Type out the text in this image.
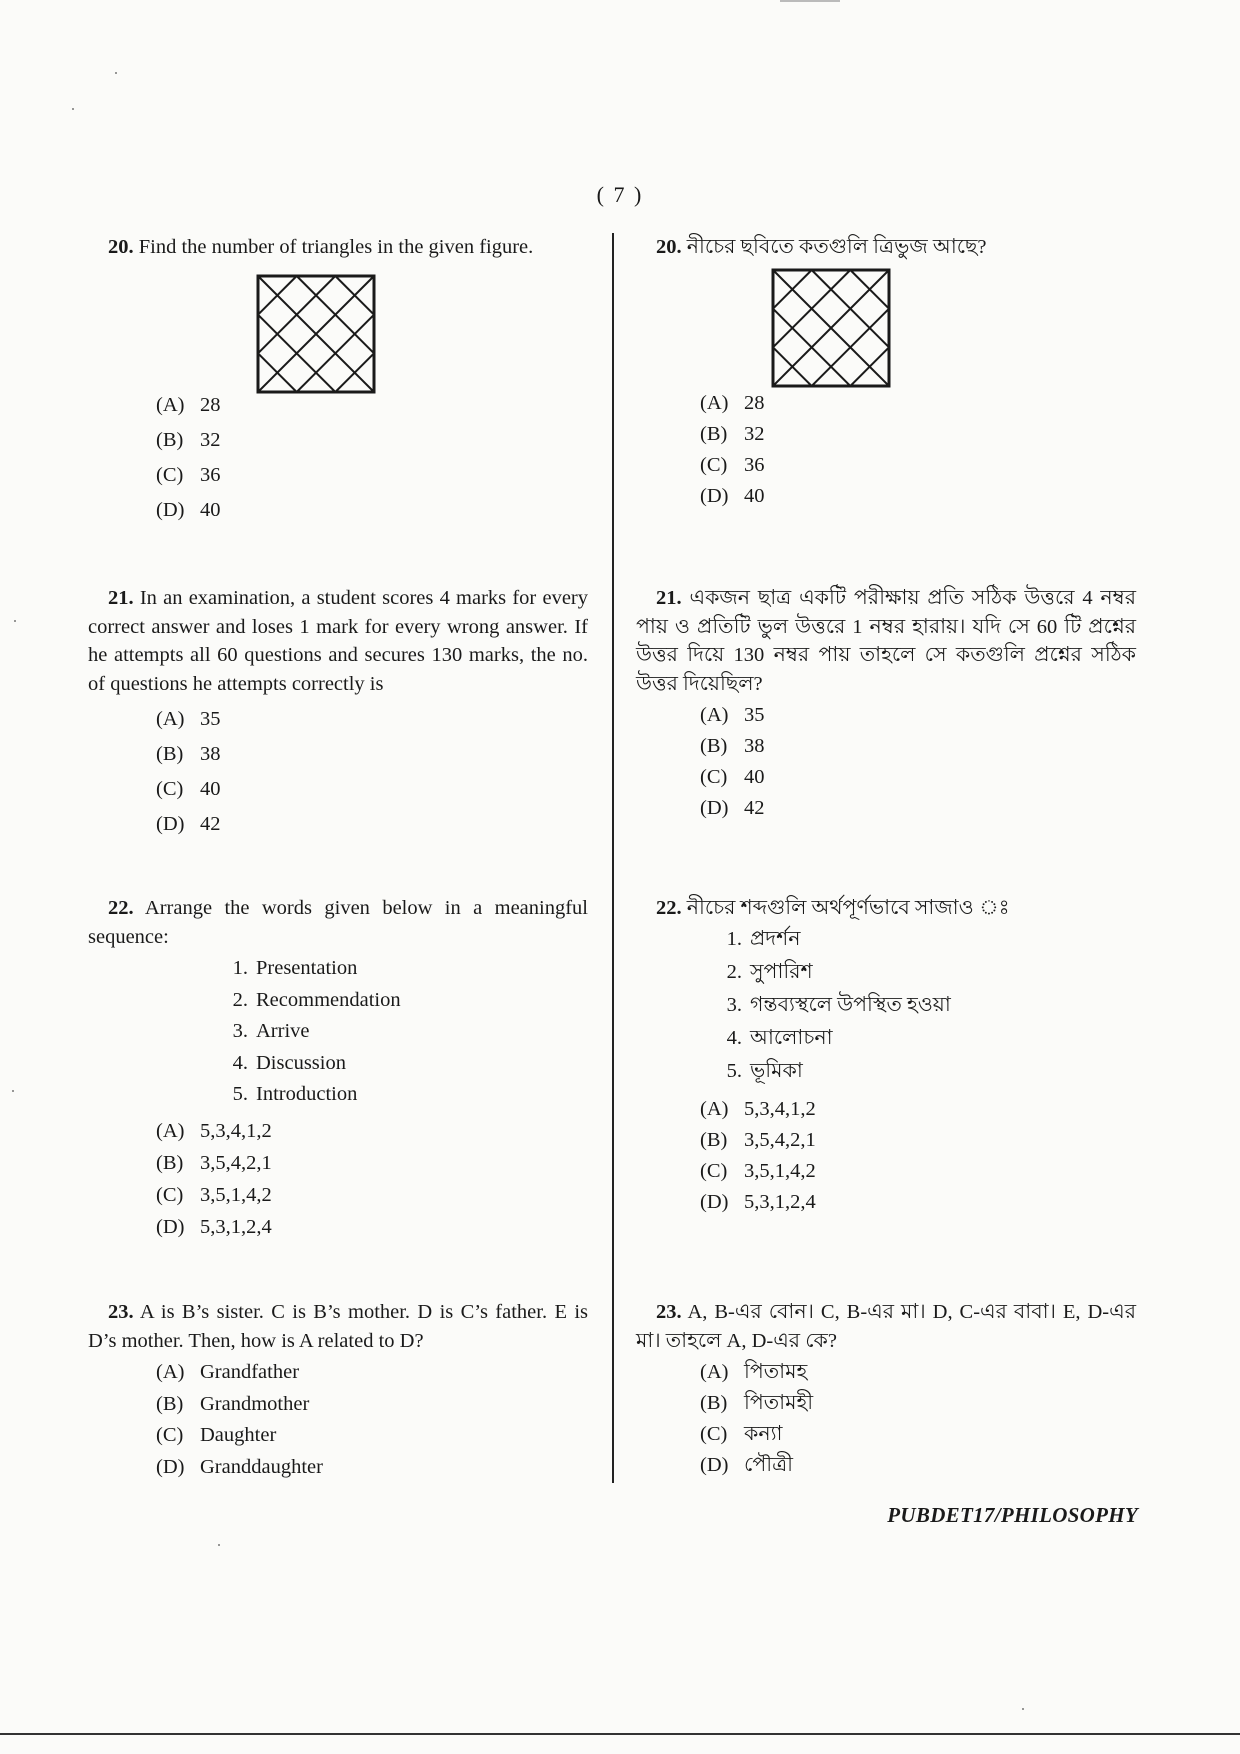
( 7 )
20. Find the number of triangles in the given figure.
(A) 28
(B) 32
(C) 36
(D) 40
21. In an examination, a student scores 4 marks for every correct answer and loses 1 mark for every wrong answer. If he attempts all 60 questions and secures 130 marks, the no. of questions he attempts correctly is
(A) 35
(B) 38
(C) 40
(D) 42
22. Arrange the words given below in a meaningful sequence:
1. Presentation
2. Recommendation
3. Arrive
4. Discussion
5. Introduction
(A) 5,3,4,1,2
(B) 3,5,4,2,1
(C) 3,5,1,4,2
(D) 5,3,1,2,4
23. A is B’s sister. C is B’s mother. D is C’s father. E is D’s mother. Then, how is A related to D?
(A) Grandfather
(B) Grandmother
(C) Daughter
(D) Granddaughter
20. নীচের ছবিতে কতগুলি ত্রিভুজ আছে?
(A) 28
(B) 32
(C) 36
(D) 40
21. একজন ছাত্র একটি পরীক্ষায় প্রতি সঠিক উত্তরে 4 নম্বর পায় ও প্রতিটি ভুল উত্তরে 1 নম্বর হারায়। যদি সে 60 টি প্রশ্নের উত্তর দিয়ে 130 নম্বর পায় তাহলে সে কতগুলি প্রশ্নের সঠিক উত্তর দিয়েছিল?
(A) 35
(B) 38
(C) 40
(D) 42
22. নীচের শব্দগুলি অর্থপূর্ণভাবে সাজাও ঃ
1. প্রদর্শন
2. সুপারিশ
3. গন্তব্যস্থলে উপস্থিত হওয়া
4. আলোচনা
5. ভূমিকা
(A) 5,3,4,1,2
(B) 3,5,4,2,1
(C) 3,5,1,4,2
(D) 5,3,1,2,4
23. A, B-এর বোন। C, B-এর মা। D, C-এর বাবা। E, D-এর মা। তাহলে A, D-এর কে?
(A) পিতামহ
(B) পিতামহী
(C) কন্যা
(D) পৌত্রী
PUBDET17/PHILOSOPHY
